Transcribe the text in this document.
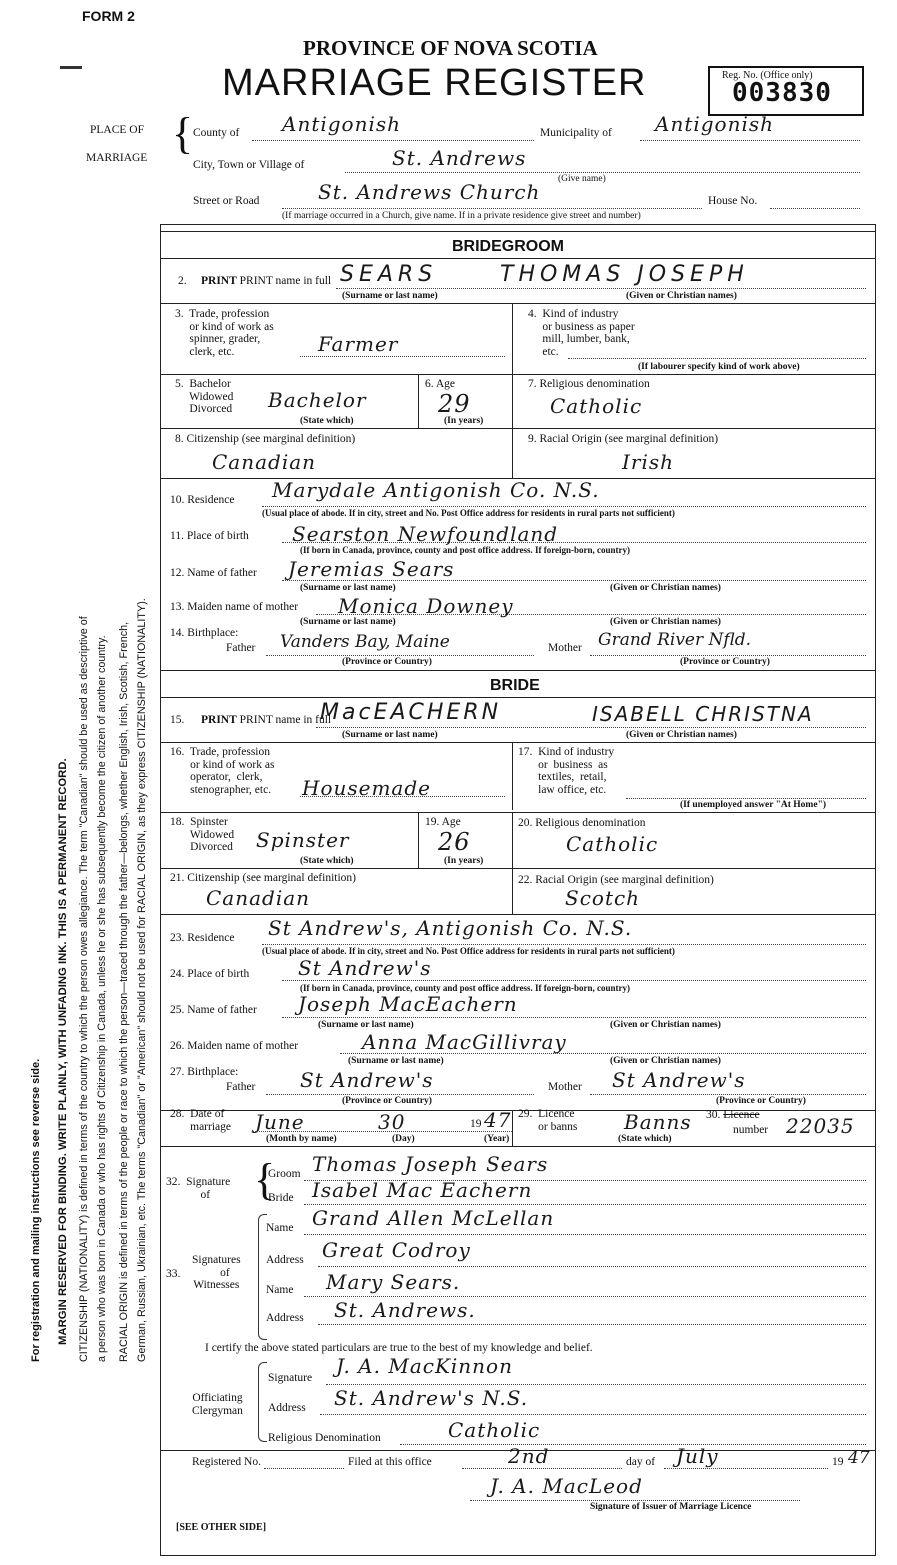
FORM 2
PROVINCE OF NOVA SCOTIA
MARRIAGE REGISTER	Reg. No. (Office only)
003830
For registration and mailing instructions see reverse side. MARGIN RESERVED FOR BINDING. WRITE PLAINLY, WITH UNFADING INK. THIS IS A PERMANENT RECORD. CITIZENSHIP (NATIONALITY) is defined in terms of the country to which the person owes allegiance. The term "Canadian" should be used as descriptive of a person who was born in Canada or who has rights of Citizenship in Canada, unless he or she has subsequently become the citizen of another country. RACIAL ORIGIN is defined in terms of the people or race to which the person—traced through the father—belongs, whether English, Irish, Scotish, French, German, Russian, Ukrainian, etc. The terms "Canadian" or "American" should not be used for RACIAL ORIGIN, as they express CITIZENSHIP (NATIONALITY).
PLACE OF
MARRIAGE { County of Antigonish	Municipality of Antigonish
City, Town or Village of	St. Andrews
(Give name)
Street or Road	St. Andrews Church	House No.
(If marriage occurred in a Church, give name. If in a private residence give street and number)
BRIDEGROOM
2. PRINT PRINT name in full SEARS	THOMAS JOSEPH
(Surname or last name)	(Given or Christian names)
3.  Trade, profession
or kind of work as
spinner, grader,
clerk, etc.	Farmer
4.  Kind of industry
or business as paper
mill, lumber, bank,
etc.
(If labourer specify kind of work above)
5.  Bachelor
Widowed
Divorced Bachelor
(State which)
6. Age
29
(In years)
7. Religious denomination
Catholic
8. Citizenship (see marginal definition)
Canadian
9. Racial Origin (see marginal definition)
Irish
10. Residence Marydale Antigonish Co. N.S.
(Usual place of abode. If in city, street and No. Post Office address for residents in rural parts not sufficient)
11. Place of birth Searston Newfoundland
(If born in Canada, province, county and post office address. If foreign-born, country)
12. Name of father Jeremias Sears
(Surname or last name)	(Given or Christian names)
13. Maiden name of mother Monica Downey
(Surname or last name)	(Given or Christian names)
14. Birthplace:
Father Vanders Bay, Maine	Mother Grand River Nfld.
(Province or Country)	(Province or Country)
BRIDE
15. PRINT PRINT name in full
MacEACHERN	ISABELL CHRISTNA
(Surname or last name)	(Given or Christian names)
16.  Trade, profession
or kind of work as
operator,  clerk,
stenographer, etc. Housemade
17.  Kind of industry
or  business  as
textiles,  retail,
law office, etc.
(If unemployed answer "At Home")
18.  Spinster
Widowed
Divorced Spinster
(State which)
19. Age
26
(In years)
20. Religious denomination
Catholic
21. Citizenship (see marginal definition)
Canadian
22. Racial Origin (see marginal definition)
Scotch
23. Residence St Andrew's, Antigonish Co. N.S.
(Usual place of abode. If in city, street and No. Post Office address for residents in rural parts not sufficient)
24. Place of birth St Andrew's
(If born in Canada, province, county and post office address. If foreign-born, country)
25. Name of father Joseph MacEachern
(Surname or last name)	(Given or Christian names)
26. Maiden name of mother	Anna MacGillivray
(Surname or last name)	(Given or Christian names)
27. Birthplace:
Father St Andrew's	Mother St Andrew's
(Province or Country)	(Province or Country)
28.  Date of
marriage June	30	19 47
(Month by name)	(Day)	(Year)
29.  Licence
or banns Banns
(State which)
30. Licence
number 22035
32.  Signature
of {
Groom Thomas Joseph Sears
Bride Isabel Mac Eachern
33.
Signatures
of
Witnesses
Name Grand Allen McLellan
Address Great Codroy
Name Mary Sears.
Address St. Andrews.
I certify the above stated particulars are true to the best of my knowledge and belief.
Officiating
Clergyman
Signature J. A. MacKinnon
Address St. Andrew's N.S.
Religious Denomination	Catholic
Registered No.	Filed at this office	2nd	day of July	19 47
J. A. MacLeod
Signature of Issuer of Marriage Licence
[SEE OTHER SIDE]
